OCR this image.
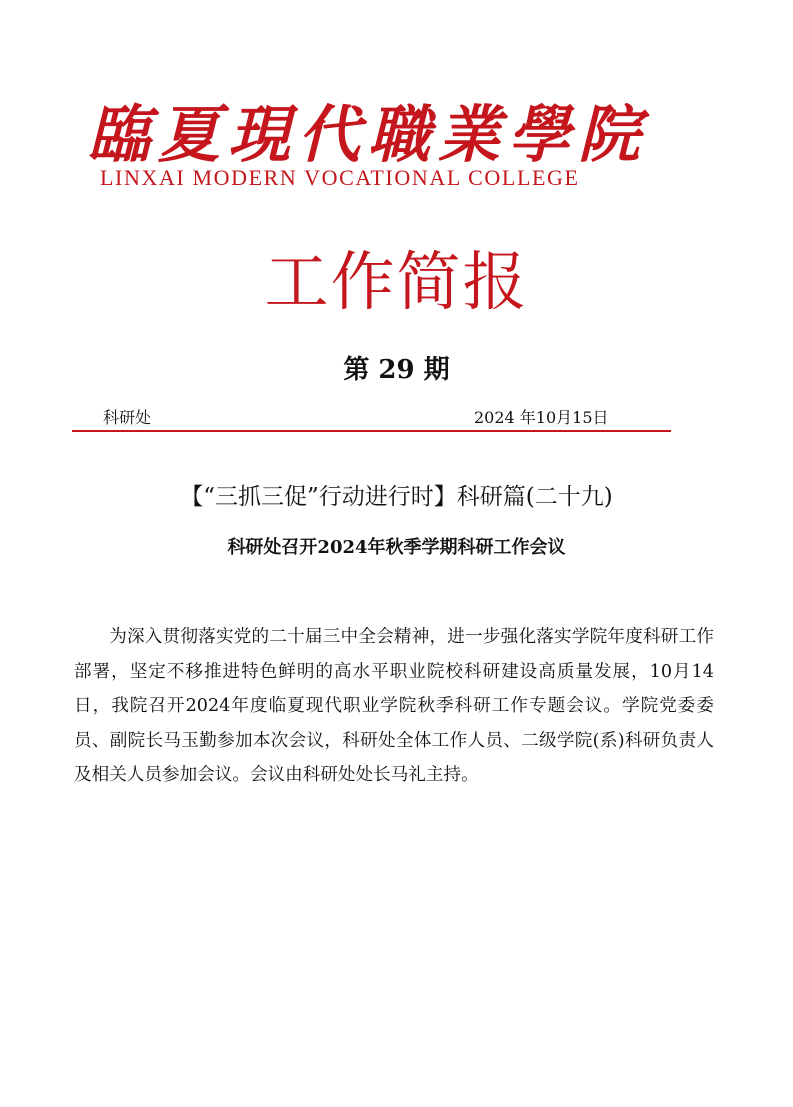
臨夏現代職業學院
LINXAI MODERN VOCATIONAL COLLEGE
工作简报
第 29 期
科研处	2024 年10月15日
【“三抓三促”行动进行时】科研篇(二十九)
科研处召开2024年秋季学期科研工作会议

为深入贯彻落实党的二十届三中全会精神，进一步强化落实学院年度科研工作部署，坚定不移推进特色鲜明的高水平职业院校科研建设高质量发展，10月14日，我院召开2024年度临夏现代职业学院秋季科研工作专题会议。学院党委委员、副院长马玉勤参加本次会议，科研处全体工作人员、二级学院(系)科研负责人及相关人员参加会议。会议由科研处处长马礼主持。
